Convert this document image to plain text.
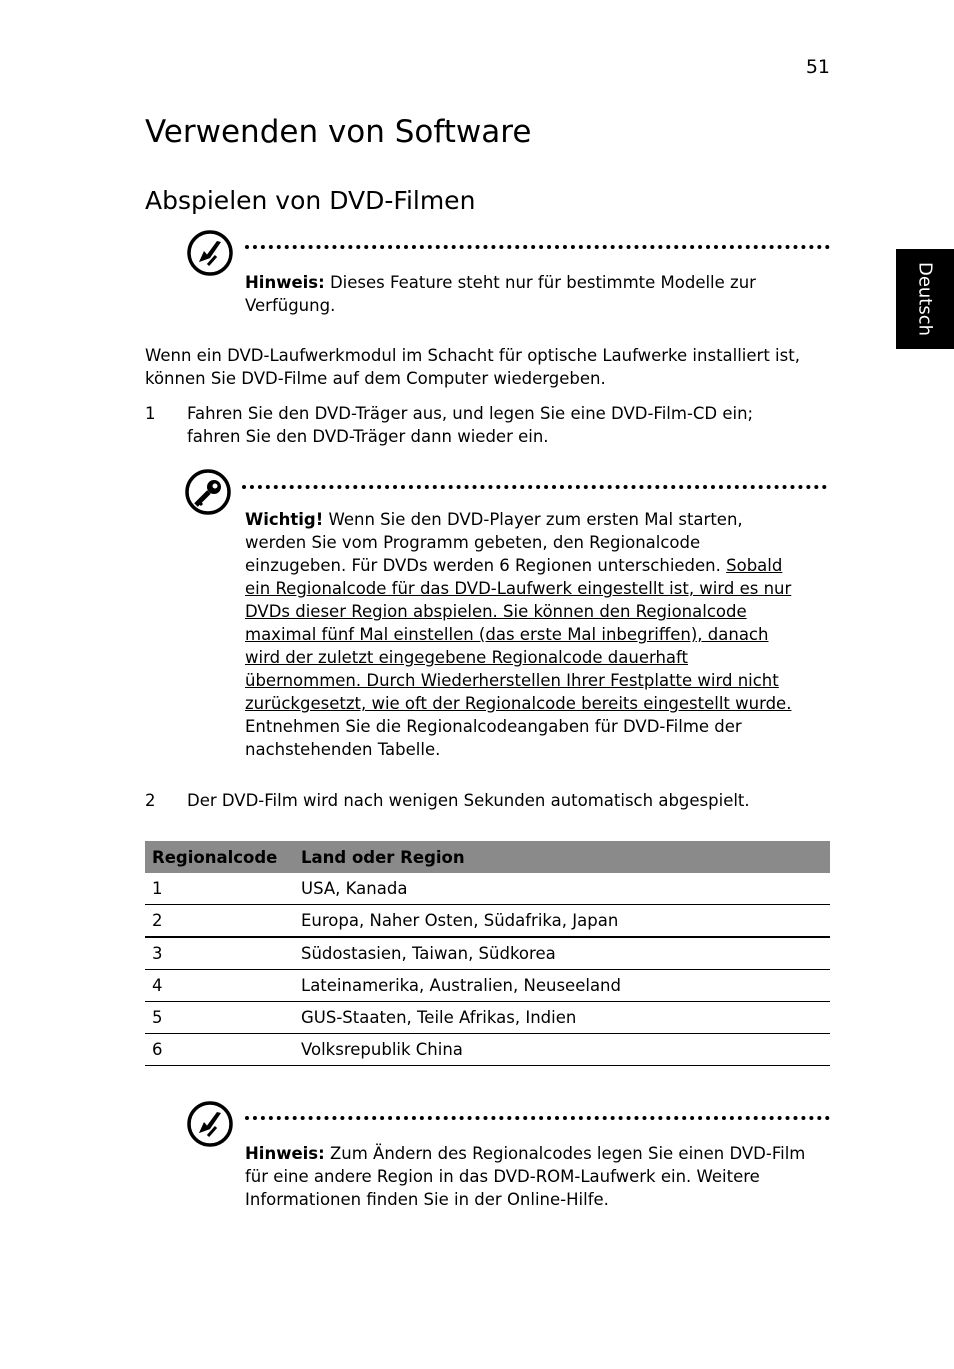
51
Deutsch
Verwenden von Software
Abspielen von DVD-Filmen
Hinweis: Dieses Feature steht nur für bestimmte Modelle zur
Verfügung.
Wenn ein DVD-Laufwerkmodul im Schacht für optische Laufwerke installiert ist,
können Sie DVD-Filme auf dem Computer wiedergeben.
1 Fahren Sie den DVD-Träger aus, und legen Sie eine DVD-Film-CD ein;
fahren Sie den DVD-Träger dann wieder ein.
Wichtig! Wenn Sie den DVD-Player zum ersten Mal starten,
werden Sie vom Programm gebeten, den Regionalcode
einzugeben. Für DVDs werden 6 Regionen unterschieden. Sobald
ein Regionalcode für das DVD-Laufwerk eingestellt ist, wird es nur
DVDs dieser Region abspielen. Sie können den Regionalcode
maximal fünf Mal einstellen (das erste Mal inbegriffen), danach
wird der zuletzt eingegebene Regionalcode dauerhaft
übernommen. Durch Wiederherstellen Ihrer Festplatte wird nicht
zurückgesetzt, wie oft der Regionalcode bereits eingestellt wurde.
Entnehmen Sie die Regionalcodeangaben für DVD-Filme der
nachstehenden Tabelle.
2 Der DVD-Film wird nach wenigen Sekunden automatisch abgespielt.
Regionalcode	Land oder Region
1	USA, Kanada
2	Europa, Naher Osten, Südafrika, Japan
3	Südostasien, Taiwan, Südkorea
4	Lateinamerika, Australien, Neuseeland
5	GUS-Staaten, Teile Afrikas, Indien
6	Volksrepublik China
Hinweis: Zum Ändern des Regionalcodes legen Sie einen DVD-Film
für eine andere Region in das DVD-ROM-Laufwerk ein. Weitere
Informationen finden Sie in der Online-Hilfe.
